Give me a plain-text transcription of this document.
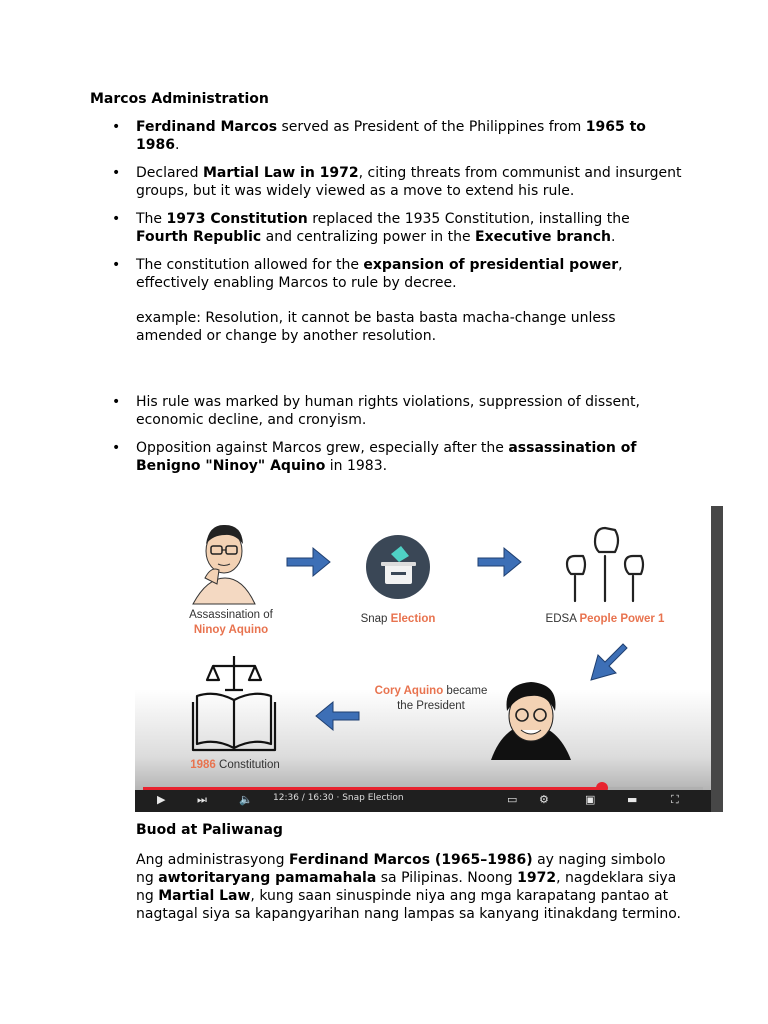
Marcos Administration
• Ferdinand Marcos served as President of the Philippines from 1965 to 1986.
• Declared Martial Law in 1972, citing threats from communist and insurgent groups, but it was widely viewed as a move to extend his rule.
• The 1973 Constitution replaced the 1935 Constitution, installing the Fourth Republic and centralizing power in the Executive branch.
• The constitution allowed for the expansion of presidential power, effectively enabling Marcos to rule by decree.
example: Resolution, it cannot be basta basta macha-change unless amended or change by another resolution.
• His rule was marked by human rights violations, suppression of dissent, economic decline, and cronyism.
• Opposition against Marcos grew, especially after the assassination of Benigno "Ninoy" Aquino in 1983.
Assassination of
Ninoy Aquino
Snap Election	EDSA People Power 1
Cory Aquino became
the President
1986 Constitution
▶	⏭	🔈 12:36 / 16:30 · Snap Election	▭ ⚙	▣	▬	⛶
Buod at Paliwanag
Ang administrasyong Ferdinand Marcos (1965–1986) ay naging simbolo ng awtoritaryang pamamahala sa Pilipinas. Noong 1972, nagdeklara siya ng Martial Law, kung saan sinuspinde niya ang mga karapatang pantao at nagtagal siya sa kapangyarihan nang lampas sa kanyang itinakdang termino.
